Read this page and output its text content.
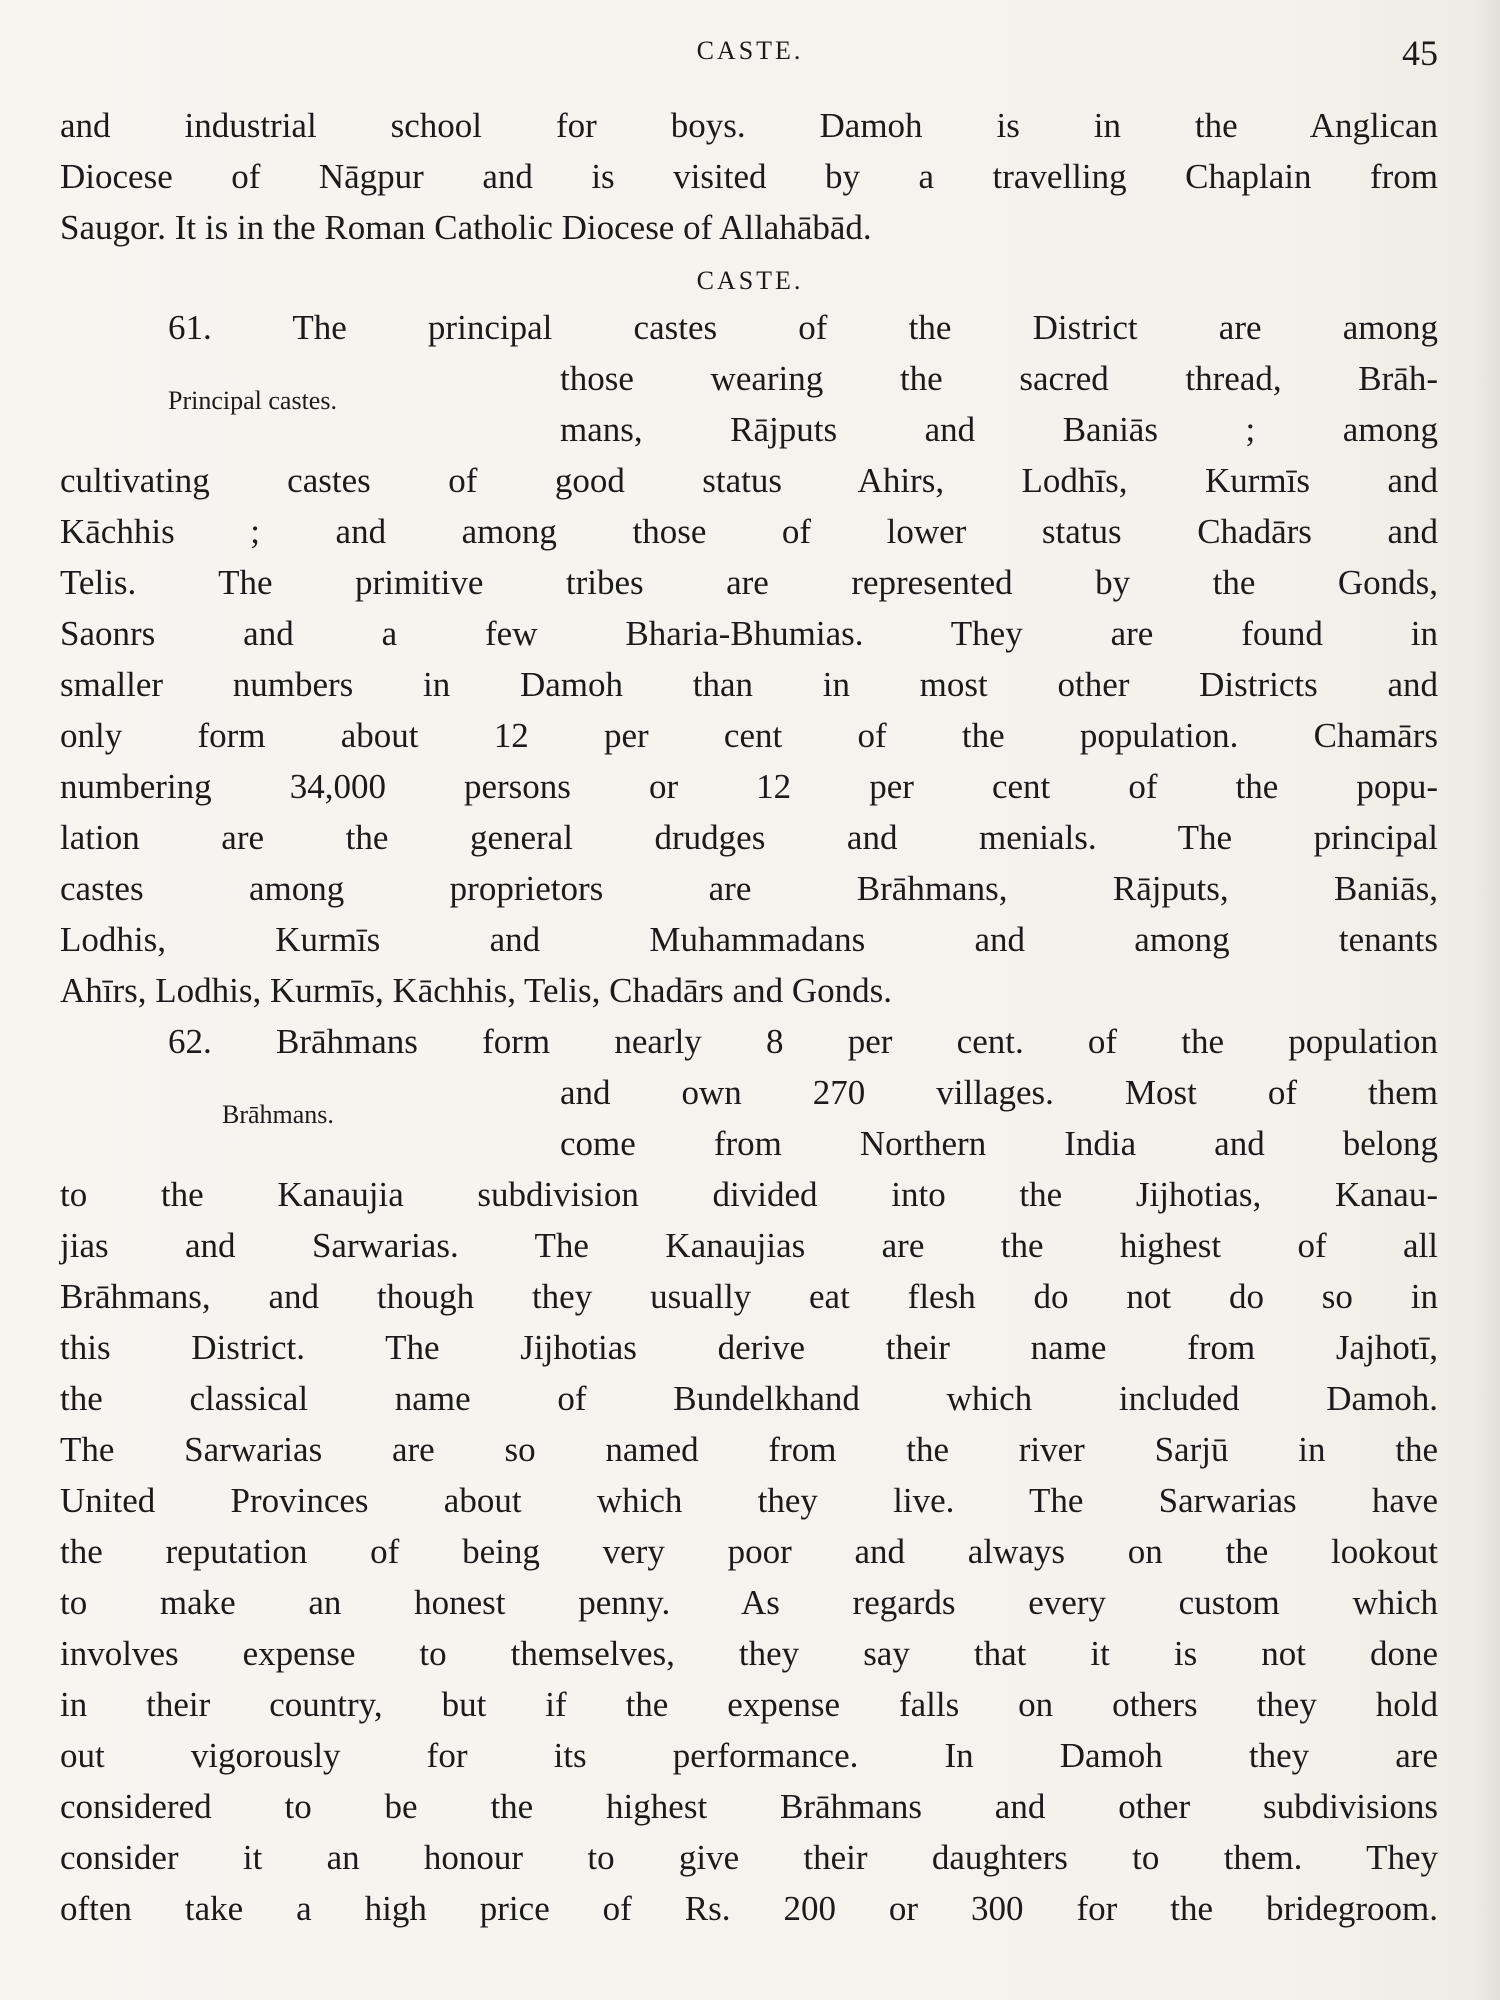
CASTE.	45
and industrial school for boys. Damoh is in the Anglican
Diocese of Nāgpur and is visited by a travelling Chaplain from
Saugor. It is in the Roman Catholic Diocese of Allahābād.
CASTE.
61. The principal castes of the District are among
those wearing the sacred thread, Brāh-
Principal castes.
mans, Rājputs and Baniās ; among
cultivating castes of good status Ahirs, Lodhīs, Kurmīs and
Kāchhis ; and among those of lower status Chadārs and
Telis. The primitive tribes are represented by the Gonds,
Saonrs and a few Bharia-Bhumias. They are found in
smaller numbers in Damoh than in most other Districts and
only form about 12 per cent of the population. Chamārs
numbering 34,000 persons or 12 per cent of the popu-
lation are the general drudges and menials. The principal
castes among proprietors are Brāhmans, Rājputs, Baniās,
Lodhis, Kurmīs and Muhammadans and among tenants
Ahīrs, Lodhis, Kurmīs, Kāchhis, Telis, Chadārs and Gonds.
62. Brāhmans form nearly 8 per cent. of the population
and own 270 villages. Most of them
Brāhmans.
come from Northern India and belong
to the Kanaujia subdivision divided into the Jijhotias, Kanau-
jias and Sarwarias. The Kanaujias are the highest of all
Brāhmans, and though they usually eat flesh do not do so in
this District. The Jijhotias derive their name from Jajhotī,
the classical name of Bundelkhand which included Damoh.
The Sarwarias are so named from the river Sarjū in the
United Provinces about which they live. The Sarwarias have
the reputation of being very poor and always on the lookout
to make an honest penny. As regards every custom which
involves expense to themselves, they say that it is not done
in their country, but if the expense falls on others they hold
out vigorously for its performance. In Damoh they are
considered to be the highest Brāhmans and other subdivisions
consider it an honour to give their daughters to them. They
often take a high price of Rs. 200 or 300 for the bridegroom.
